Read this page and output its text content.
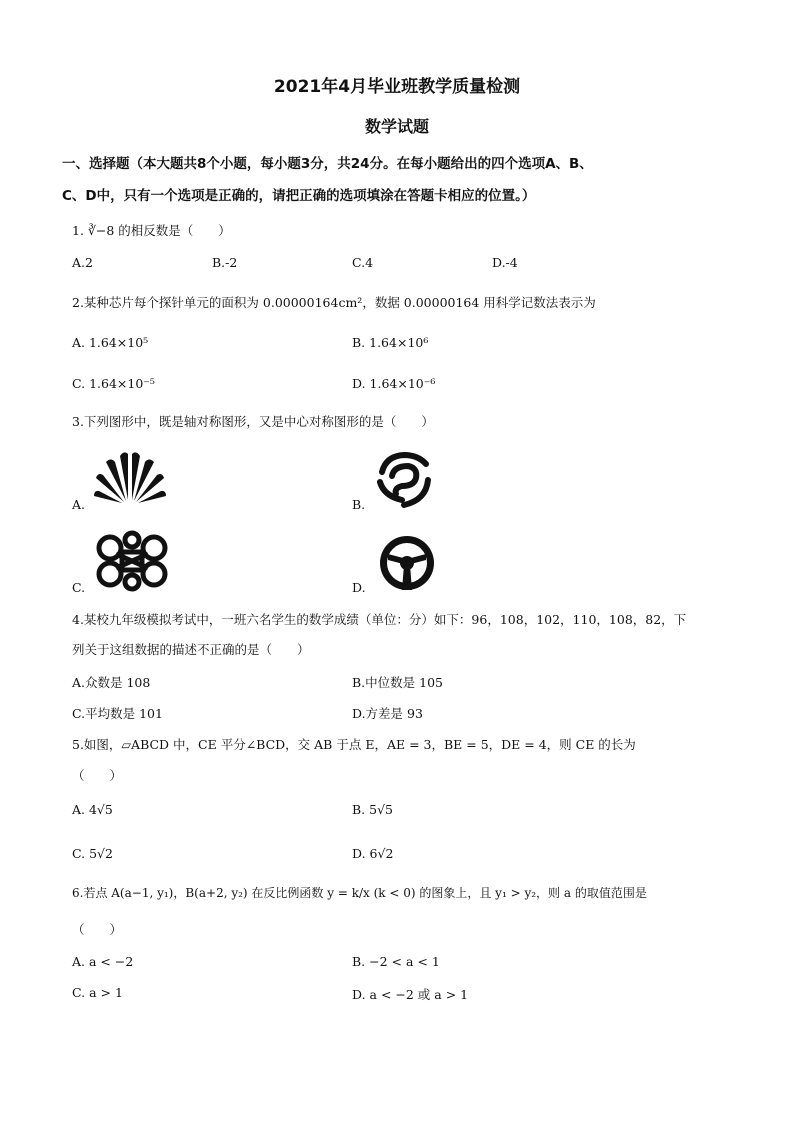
2021年4月毕业班教学质量检测
数学试题
一、选择题（本大题共8个小题，每小题3分，共24分。在每小题给出的四个选项A、B、
C、D中，只有一个选项是正确的，请把正确的选项填涂在答题卡相应的位置。）
1. ∛−8 的相反数是（　　）
A.2	B.-2	C.4	D.-4
2.某种芯片每个探针单元的面积为 0.00000164cm²，数据 0.00000164 用科学记数法表示为
A. 1.64×10⁵	B. 1.64×10⁶
C. 1.64×10⁻⁵	D. 1.64×10⁻⁶
3.下列图形中，既是轴对称图形，又是中心对称图形的是（　　）
A.	B.
C.	D.
4.某校九年级模拟考试中，一班六名学生的数学成绩（单位：分）如下：96，108，102，110，108，82，下
列关于这组数据的描述不正确的是（　　）
A.众数是 108	B.中位数是 105
C.平均数是 101	D.方差是 93
5.如图，▱ABCD 中，CE 平分∠BCD，交 AB 于点 E，AE = 3，BE = 5，DE = 4，则 CE 的长为
（　　）
A. 4√5	B. 5√5
C. 5√2	D. 6√2
6.若点 A(a−1, y₁)，B(a+2, y₂) 在反比例函数 y = k/x (k < 0) 的图象上，且 y₁ > y₂，则 a 的取值范围是
（　　）
A. a < −2	B. −2 < a < 1
C. a > 1	D. a < −2 或 a > 1
